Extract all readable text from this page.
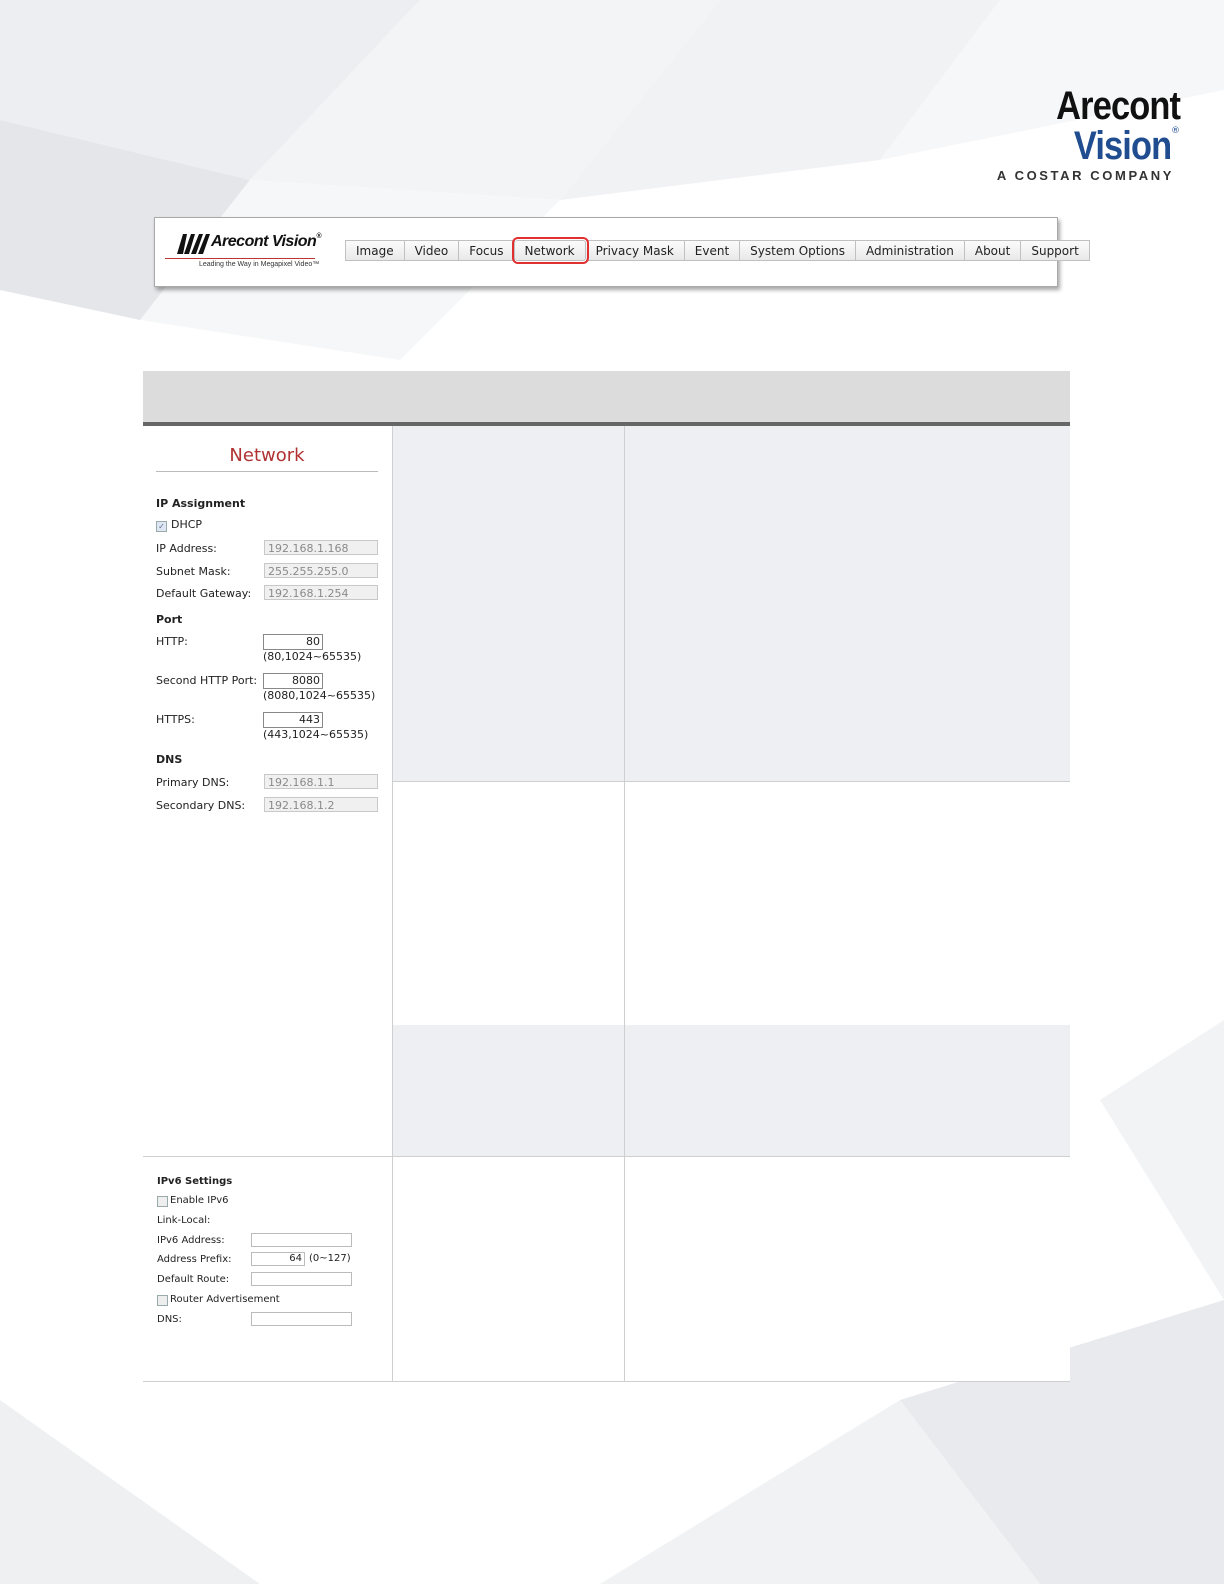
Arecont Vision®
A COSTAR COMPANY
Arecont Vision®
Leading the Way in Megapixel Video™
Image	Video	Focus	Network	Privacy Mask	Event	System Options	Administration	About	Support
Network
IP Assignment
✓ DHCP
IP Address:	192.168.1.168
Subnet Mask:	255.255.255.0
Default Gateway:	192.168.1.254
Port
HTTP:	80
(80,1024~65535)
Second HTTP Port:	8080
(8080,1024~65535)
HTTPS:	443
(443,1024~65535)
DNS
Primary DNS:	192.168.1.1
Secondary DNS:	192.168.1.2
IPv6 Settings
Enable IPv6
Link-Local:
IPv6 Address:
Address Prefix:	64 (0~127)
Default Route:
Router Advertisement
DNS:
